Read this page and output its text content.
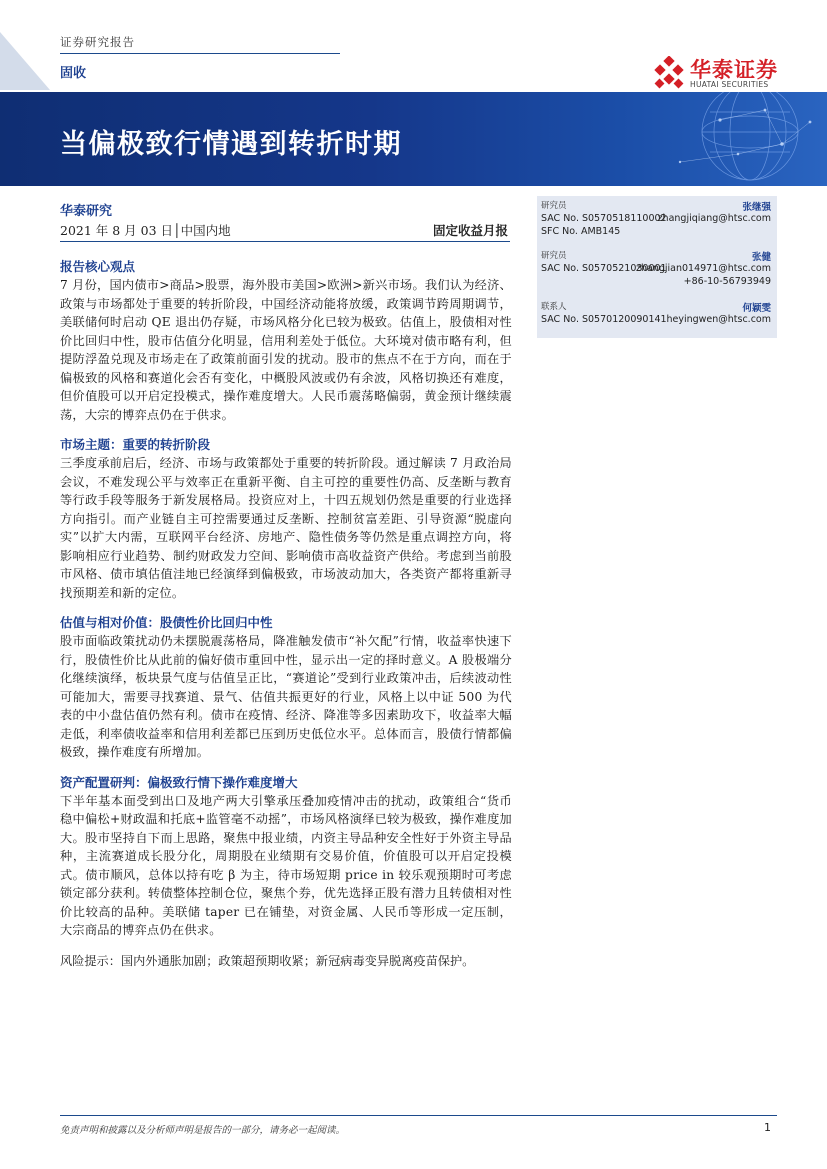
证券研究报告
固收	华泰证券
HUATAI SECURITIES
当偏极致行情遇到转折时期
华泰研究
2021 年 8 月 03 日│中国内地	固定收益月报
报告核心观点

7 月份，国内债市>商品>股票，海外股市美国>欧洲>新兴市场。我们认为经济、政策与市场都处于重要的转折阶段，中国经济动能将放缓，政策调节跨周期调节，美联储何时启动 QE 退出仍存疑，市场风格分化已较为极致。估值上，股债相对性价比回归中性，股市估值分化明显，信用利差处于低位。大环境对债市略有利，但提防浮盈兑现及市场走在了政策前面引发的扰动。股市的焦点不在于方向，而在于偏极致的风格和赛道化会否有变化，中概股风波或仍有余波，风格切换还有难度，但价值股可以开启定投模式，操作难度增大。人民币震荡略偏弱，黄金预计继续震荡，大宗的博弈点仍在于供求。

市场主题：重要的转折阶段

三季度承前启后，经济、市场与政策都处于重要的转折阶段。通过解读 7 月政治局会议，不难发现公平与效率正在重新平衡、自主可控的重要性仍高、反垄断与教育等行政手段等服务于新发展格局。投资应对上，十四五规划仍然是重要的行业选择方向指引。而产业链自主可控需要通过反垄断、控制贫富差距、引导资源“脱虚向实”以扩大内需，互联网平台经济、房地产、隐性债务等仍然是重点调控方向，将影响相应行业趋势、制约财政发力空间、影响债市高收益资产供给。考虑到当前股市风格、债市填估值洼地已经演绎到偏极致，市场波动加大，各类资产都将重新寻找预期差和新的定位。

估值与相对价值：股债性价比回归中性

股市面临政策扰动仍未摆脱震荡格局，降准触发债市“补欠配”行情，收益率快速下行，股债性价比从此前的偏好债市重回中性，显示出一定的择时意义。A 股极端分化继续演绎，板块景气度与估值呈正比，“赛道论”受到行业政策冲击，后续波动性可能加大，需要寻找赛道、景气、估值共振更好的行业，风格上以中证 500 为代表的中小盘估值仍然有利。债市在疫情、经济、降准等多因素助攻下，收益率大幅走低，利率债收益率和信用利差都已压到历史低位水平。总体而言，股债行情都偏极致，操作难度有所增加。

资产配置研判：偏极致行情下操作难度增大

下半年基本面受到出口及地产两大引擎承压叠加疫情冲击的扰动，政策组合“货币稳中偏松+财政温和托底+监管毫不动摇”，市场风格演绎已较为极致，操作难度加大。股市坚持自下而上思路，聚焦中报业绩，内资主导品种安全性好于外资主导品种，主流赛道成长股分化，周期股在业绩期有交易价值，价值股可以开启定投模式。债市顺风，总体以持有吃 β 为主，待市场短期 price in 较乐观预期时可考虑锁定部分获利。转债整体控制仓位，聚焦个券，优先选择正股有潜力且转债相对性价比较高的品种。美联储 taper 已在铺垫，对资金属、人民币等形成一定压制，大宗商品的博弈点仍在供求。

风险提示：国内外通胀加剧；政策超预期收紧；新冠病毒变异脱离疫苗保护。
研究员	张继强
SAC No. S0570518110002
zhangjiqiang@htsc.com
SFC No. AMB145
研究员	张健
SAC No. S0570521030001
zhangjian014971@htsc.com
+86-10-56793949
联系人	何颖雯
SAC No. S0570120090141 heyingwen@htsc.com
免责声明和披露以及分析师声明是报告的一部分，请务必一起阅读。	1
